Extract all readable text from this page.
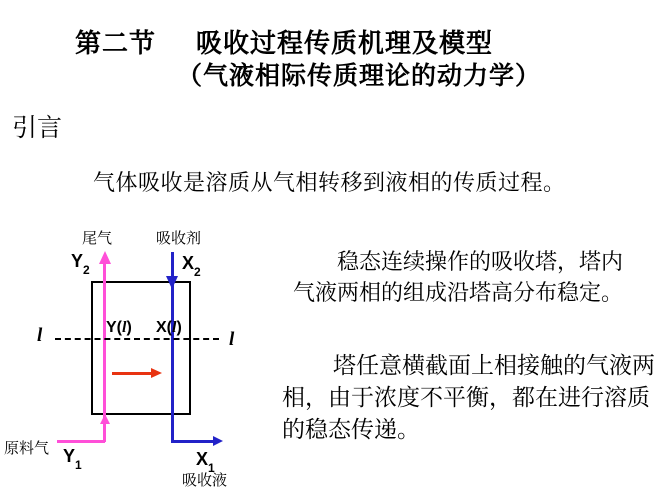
第二节 吸收过程传质机理及模型
（气液相际传质理论的动力学）
引言
气体吸收是溶质从气相转移到液相的传质过程。
尾气	吸收剂
$Y_2$	$X_2$
l	l
Y(l) X(l)
原料气 $Y_1$	$X_1$
吸收液
稳态连续操作的吸收塔，塔内
气液两相的组成沿塔高分布稳定。
塔任意横截面上相接触的气液两
相，由于浓度不平衡，都在进行溶质
的稳态传递。
